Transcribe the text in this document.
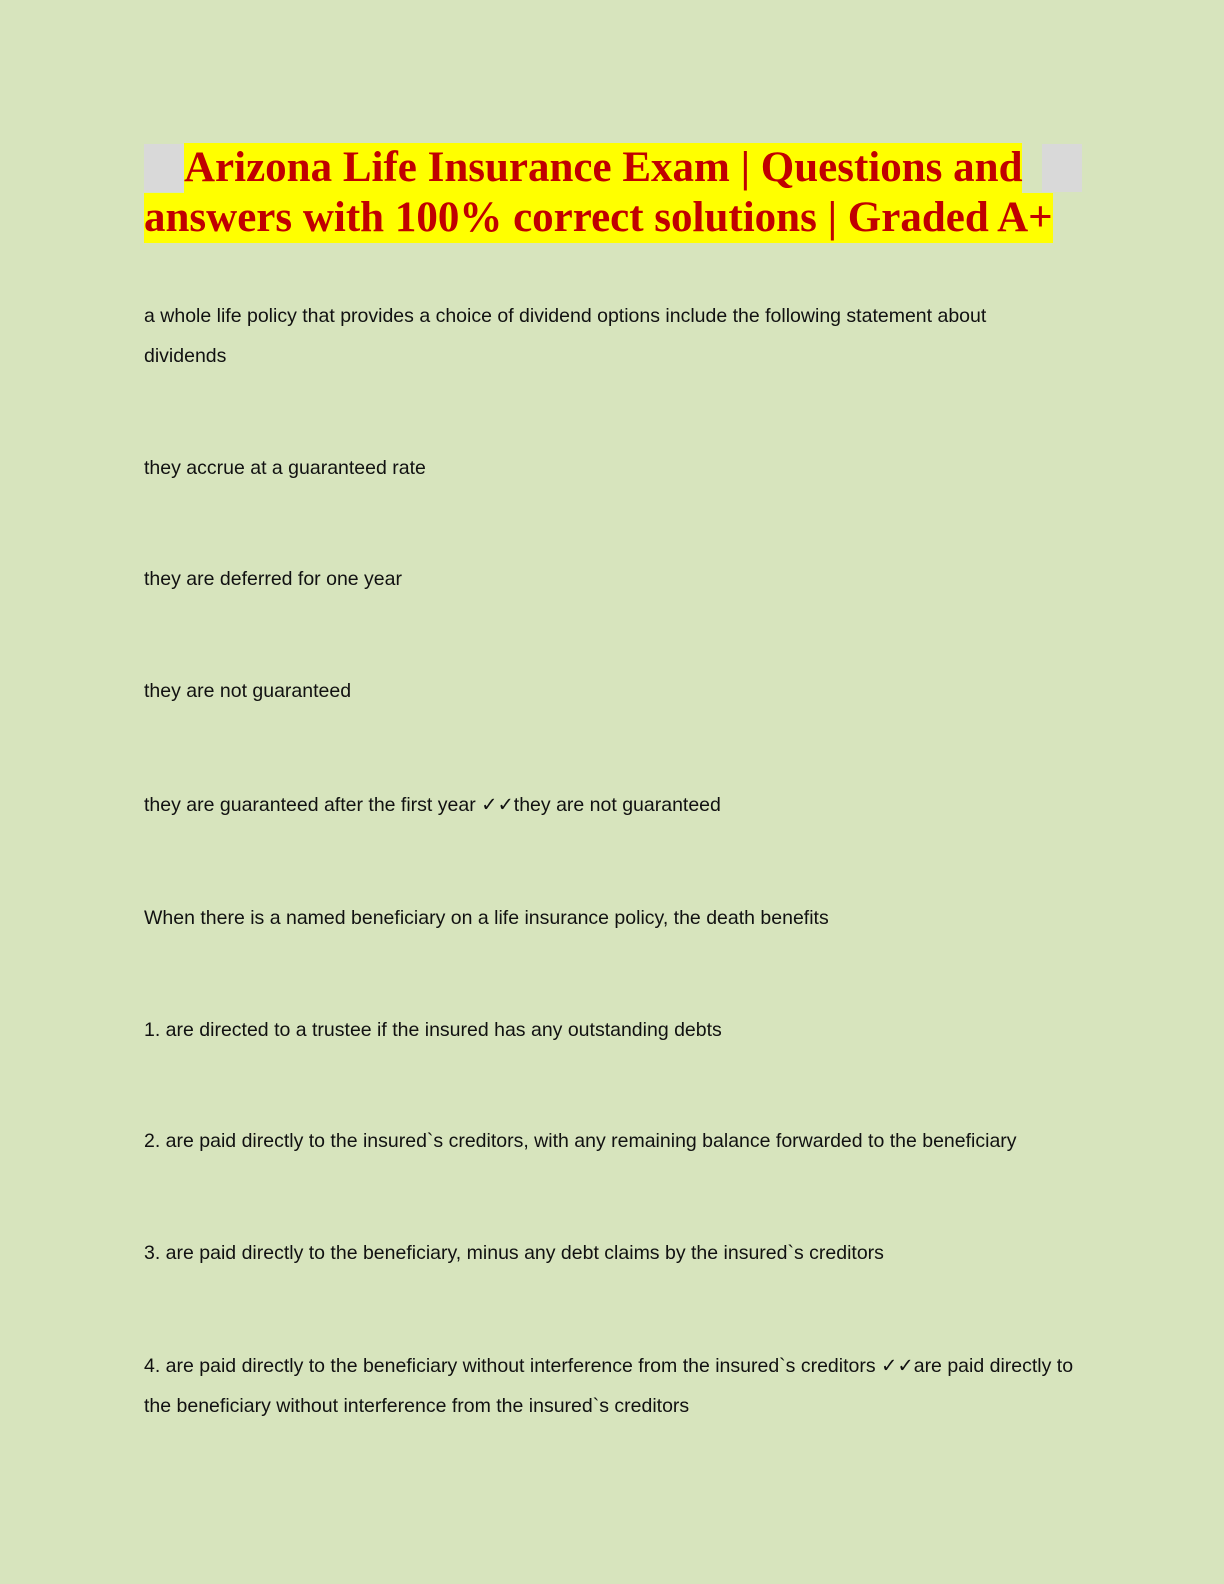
Arizona Life Insurance Exam | Questions and
answers with 100% correct solutions | Graded A+
a whole life policy that provides a choice of dividend options include the following statement about dividends
they accrue at a guaranteed rate
they are deferred for one year
they are not guaranteed
they are guaranteed after the first year ✓✓they are not guaranteed
When there is a named beneficiary on a life insurance policy, the death benefits
1. are directed to a trustee if the insured has any outstanding debts
2. are paid directly to the insured`s creditors, with any remaining balance forwarded to the beneficiary
3. are paid directly to the beneficiary, minus any debt claims by the insured`s creditors
4. are paid directly to the beneficiary without interference from the insured`s creditors ✓✓are paid directly to the beneficiary without interference from the insured`s creditors
